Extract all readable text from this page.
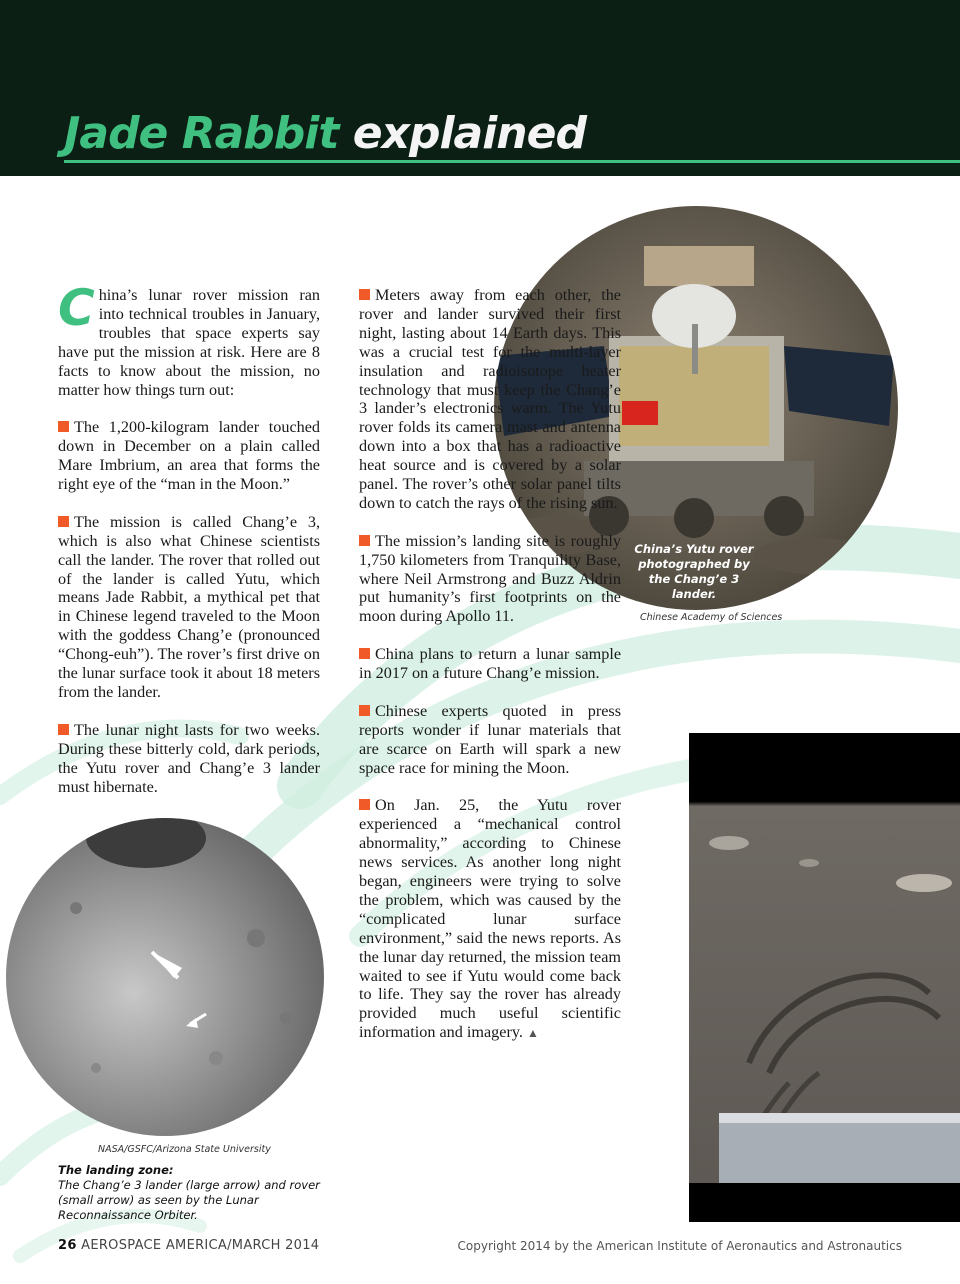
Jade Rabbit explained

China’s lunar rover mission ran into technical troubles in January, troubles that space experts say have put the mission at risk. Here are 8 facts to know about the mission, no matter how things turn out:

The 1,200-kilogram lander touched down in December on a plain called Mare Imbrium, an area that forms the right eye of the “man in the Moon.”

The mission is called Chang’e 3, which is also what Chinese scientists call the lander. The rover that rolled out of the lander is called Yutu, which means Jade Rabbit, a mythical pet that in Chinese legend traveled to the Moon with the goddess Chang’e (pronounced “Chong-euh”). The rover’s first drive on the lunar surface took it about 18 meters from the lander.

The lunar night lasts for two weeks. During these bitterly cold, dark periods, the Yutu rover and Chang’e 3 lander must hibernate.

China’s Yutu rover
photographed by
the Chang’e 3 lander.
Chinese Academy of Sciences

Meters away from each other, the rover and lander survived their first night, lasting about 14 Earth days. This was a crucial test for the multi-layer insulation and radioisotope heater technology that must keep the Chang’e 3 lander’s electronics warm. The Yutu rover folds its camera mast and antenna down into a box that has a radioactive heat source and is covered by a solar panel. The rover’s other solar panel tilts down to catch the rays of the rising sun.

The mission’s landing site is roughly 1,750 kilometers from Tranquility Base, where Neil Armstrong and Buzz Aldrin put humanity’s first footprints on the moon during Apollo 11.

China plans to return a lunar sample in 2017 on a future Chang’e mission.

Chinese experts quoted in press reports wonder if lunar materials that are scarce on Earth will spark a new space race for mining the Moon.

On Jan. 25, the Yutu rover experienced a “mechanical control abnormality,” according to Chinese news services. As another long night began, engineers were trying to solve the problem, which was caused by the “complicated lunar surface environment,” said the news reports. As the lunar day returned, the mission team waited to see if Yutu would come back to life. They say the rover has already provided much useful scientific information and imagery. ▲

NASA/GSFC/Arizona State University
The landing zone:
The Chang’e 3 lander (large arrow) and rover
(small arrow) as seen by the Lunar
Reconnaissance Orbiter.
26 AEROSPACE AMERICA/MARCH 2014	Copyright 2014 by the American Institute of Aeronautics and Astronautics
